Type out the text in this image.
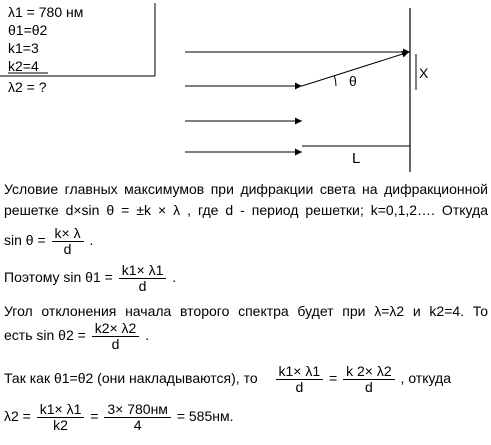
λ1 = 780 нм
θ1=θ2
k1=3
k2=4
λ2 = ?
X
θ
L
Условие главных максимумов при дифракции света на дифракционной
решетке d×sin θ = ±k × λ , где d - период решетки; k=0,1,2…. Откуда
$\sin \theta = \frac{k\times \lambda}{d}$ .
Поэтому $\sin \theta 1 = \frac{k1\times \lambda 1}{d}$ .
Угол отклонения начала второго спектра будет при λ=λ2 и k2=4. То
есть $\sin \theta 2 = \frac{k2\times \lambda 2}{d}$ .
Так как θ1=θ2 (они накладываются), то $\frac{k1\times \lambda 1}{d} = \frac{k 2\times \lambda 2}{d}$ , откуда
$\lambda 2 = \frac{k1\times \lambda 1}{k2} = \frac{3\times 780нм}{4} = 585нм$.
